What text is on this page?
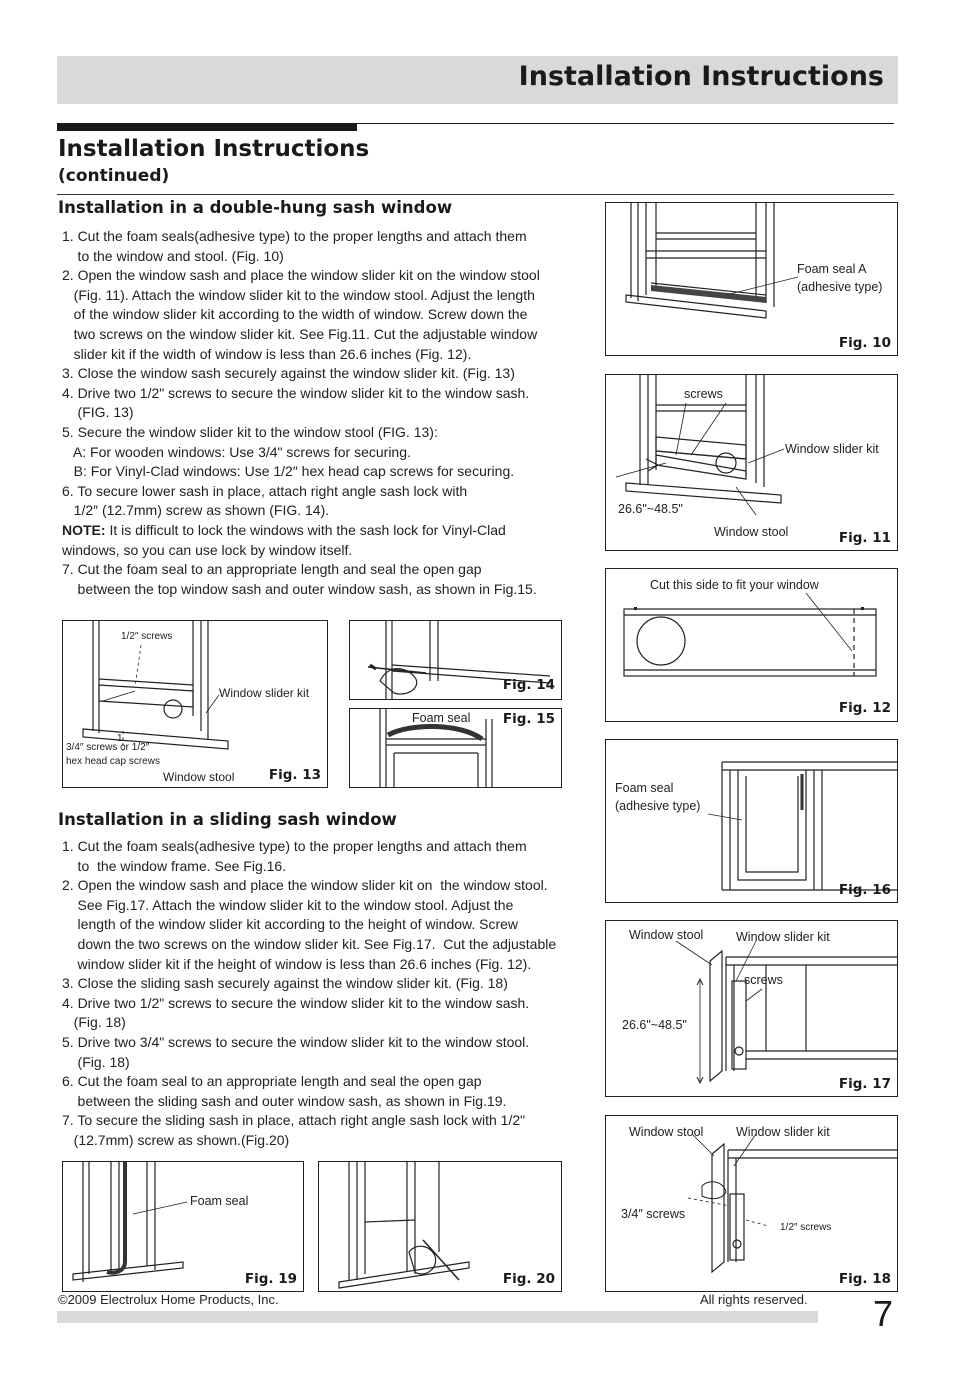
Installation Instructions
Installation Instructions
(continued)
Installation in a double-hung sash window

1. Cut the foam seals(adhesive type) to the proper lengths and attach them

to the window and stool. (Fig. 10)

2. Open the window sash and place the window slider kit on the window stool

(Fig. 11). Attach the window slider kit to the window stool. Adjust the length

of the window slider kit according to the width of window. Screw down the

two screws on the window slider kit. See Fig.11. Cut the adjustable window

slider kit if the width of window is less than 26.6 inches (Fig. 12).

3. Close the window sash securely against the window slider kit. (Fig. 13)

4. Drive two 1/2" screws to secure the window slider kit to the window sash.

(FIG. 13)

5. Secure the window slider kit to the window stool (FIG. 13):

A: For wooden windows: Use 3/4" screws for securing.

B: For Vinyl-Clad windows: Use 1/2″ hex head cap screws for securing.

6. To secure lower sash in place, attach right angle sash lock with

1/2″ (12.7mm) screw as shown (FIG. 14).

NOTE: It is difficult to lock the windows with the sash lock for Vinyl-Clad

windows, so you can use lock by window itself.

7. Cut the foam seal to an appropriate length and seal the open gap

between the top window sash and outer window sash, as shown in Fig.15.

Foam seal A
(adhesive type)
Fig. 10
screws
Window slider kit
26.6"~48.5"
Window stool	Fig. 11
Cut this side to fit your window
Fig. 12
1/2″ screws
Window slider kit
1
3/4″ screws or 1/2″
hex head cap screws
Window stool	Fig. 13
Fig. 14
Foam seal Fig. 15
Installation in a sliding sash window

1. Cut the foam seals(adhesive type) to the proper lengths and attach them

to  the window frame. See Fig.16.

2. Open the window sash and place the window slider kit on  the window stool.

See Fig.17. Attach the window slider kit to the window stool. Adjust the

length of the window slider kit according to the height of window. Screw

down the two screws on the window slider kit. See Fig.17.  Cut the adjustable

window slider kit if the height of window is less than 26.6 inches (Fig. 12).

3. Close the sliding sash securely against the window slider kit. (Fig. 18)

4. Drive two 1/2" screws to secure the window slider kit to the window sash.

(Fig. 18)

5. Drive two 3/4" screws to secure the window slider kit to the window stool.

(Fig. 18)

6. Cut the foam seal to an appropriate length and seal the open gap

between the sliding sash and outer window sash, as shown in Fig.19.

7. To secure the sliding sash in place, attach right angle sash lock with 1/2"

(12.7mm) screw as shown.(Fig.20)

Foam seal
(adhesive type)
Fig. 16
Window stool	Window slider kit
screws
26.6"~48.5"
Fig. 17
Window stool	Window slider kit
3/4″ screws
1/2″ screws
Fig. 18
Foam seal
Fig. 19	Fig. 20
©2009 Electrolux Home Products, Inc.	All rights reserved. 7
